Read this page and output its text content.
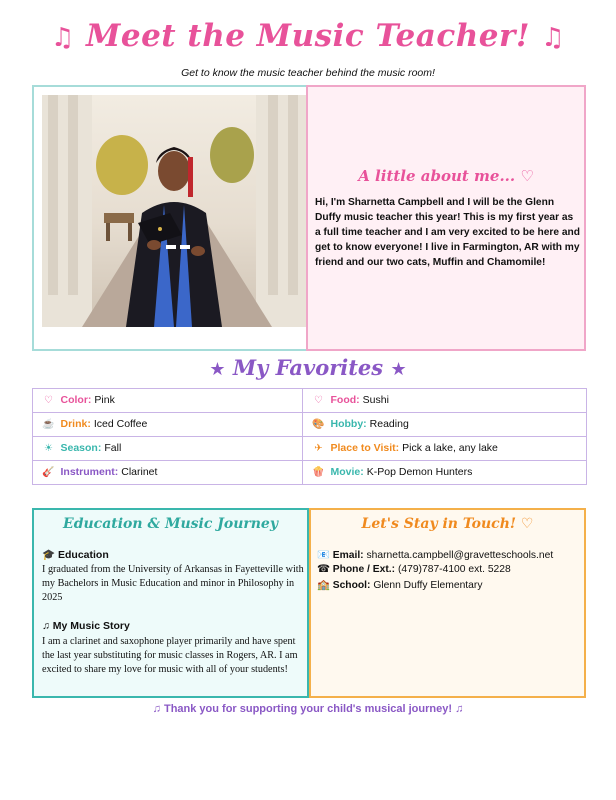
♫ Meet the Music Teacher! ♫
Get to know the music teacher behind the music room!
A little about me... ♡
Hi, I'm Sharnetta Campbell and I will be the Glenn Duffy music teacher this year! This is my first year as a full time teacher and I am very excited to be here and get to know everyone! I live in Farmington, AR with my friend and our two cats, Muffin and Chamomile!
★ My Favorites ★
♡ Color: Pink	♡ Food: Sushi
☕ Drink: Iced Coffee	🎨 Hobby: Reading
☀ Season: Fall	✈ Place to Visit: Pick a lake, any lake
🎸 Instrument: Clarinet	🍿 Movie: K-Pop Demon Hunters
Education & Music Journey
🎓 Education
I graduated from the University of Arkansas in Fayetteville with my Bachelors in Music Education and minor in Philosophy in 2025
♫ My Music Story
I am a clarinet and saxophone player primarily and have spent the last year substituting for music classes in Rogers, AR. I am excited to share my love for music with all of your students!
Let's Stay in Touch! ♡
📧 Email: sharnetta.campbell@gravetteschools.net
☎ Phone / Ext.: (479)787-4100 ext. 5228
🏫 School: Glenn Duffy Elementary
♫ Thank you for supporting your child's musical journey! ♫
